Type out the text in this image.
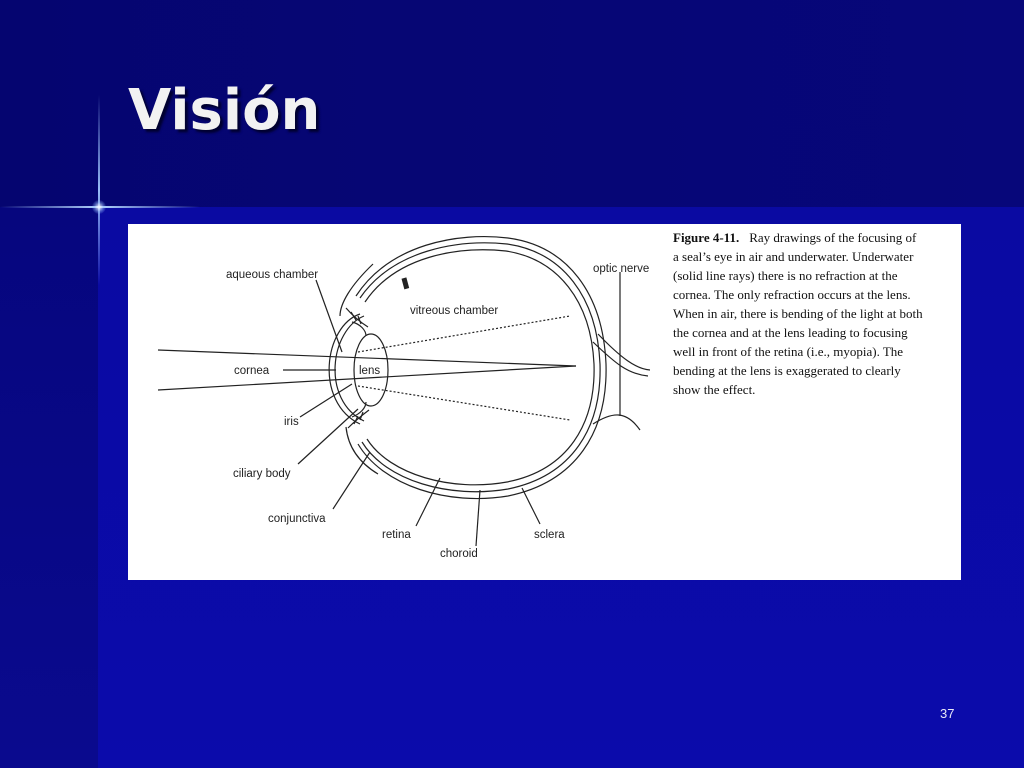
Visión
aqueous chamber
vitreous chamber
optic nerve
cornea	lens
iris
ciliary body
conjunctiva
retina
choroid
sclera
Figure 4-11. Ray drawings of the focusing of a seal’s eye in air and underwater. Underwater (solid line rays) there is no refraction at the cornea. The only refraction occurs at the lens. When in air, there is bending of the light at both the cornea and at the lens leading to focusing well in front of the retina (i.e., myopia). The bending at the lens is exaggerated to clearly show the effect.
37
